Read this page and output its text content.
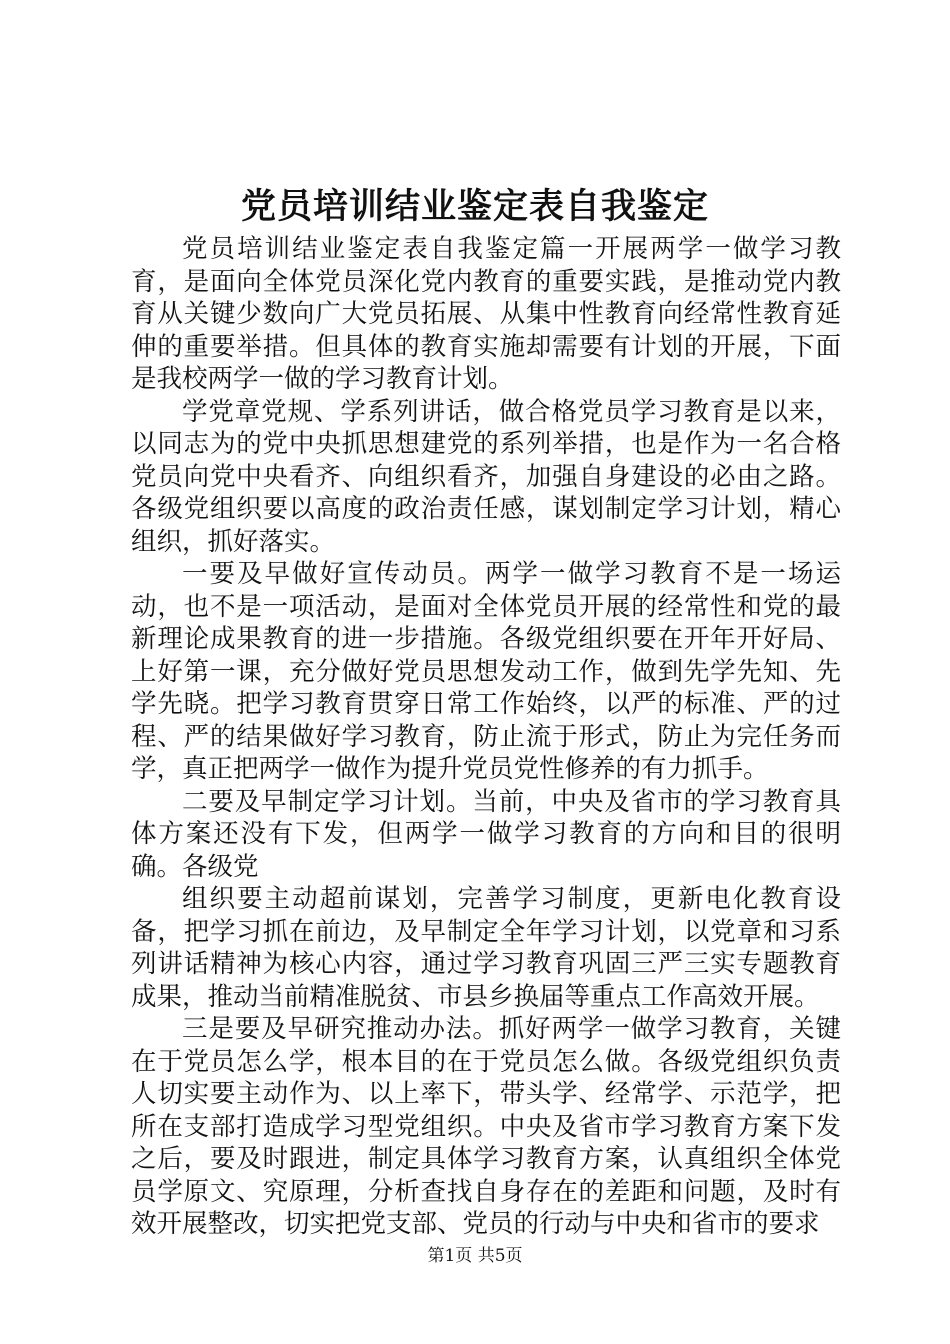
党员培训结业鉴定表自我鉴定

党员培训结业鉴定表自我鉴定篇一开展两学一做学习教育，是面向全体党员深化党内教育的重要实践，是推动党内教育从关键少数向广大党员拓展、从集中性教育向经常性教育延伸的重要举措。但具体的教育实施却需要有计划的开展，下面是我校两学一做的学习教育计划。

学党章党规、学系列讲话，做合格党员学习教育是以来，以同志为的党中央抓思想建党的系列举措，也是作为一名合格党员向党中央看齐、向组织看齐，加强自身建设的必由之路。各级党组织要以高度的政治责任感，谋划制定学习计划，精心组织，抓好落实。

一要及早做好宣传动员。两学一做学习教育不是一场运动，也不是一项活动，是面对全体党员开展的经常性和党的最新理论成果教育的进一步措施。各级党组织要在开年开好局、上好第一课，充分做好党员思想发动工作，做到先学先知、先学先晓。把学习教育贯穿日常工作始终，以严的标准、严的过程、严的结果做好学习教育，防止流于形式，防止为完任务而学，真正把两学一做作为提升党员党性修养的有力抓手。

二要及早制定学习计划。当前，中央及省市的学习教育具体方案还没有下发，但两学一做学习教育的方向和目的很明确。各级党

组织要主动超前谋划，完善学习制度，更新电化教育设备，把学习抓在前边，及早制定全年学习计划，以党章和习系列讲话精神为核心内容，通过学习教育巩固三严三实专题教育成果，推动当前精准脱贫、市县乡换届等重点工作高效开展。

三是要及早研究推动办法。抓好两学一做学习教育，关键在于党员怎么学，根本目的在于党员怎么做。各级党组织负责人切实要主动作为、以上率下，带头学、经常学、示范学，把所在支部打造成学习型党组织。中央及省市学习教育方案下发之后，要及时跟进，制定具体学习教育方案，认真组织全体党员学原文、究原理，分析查找自身存在的差距和问题，及时有效开展整改，切实把党支部、党员的行动与中央和省市的要求

第1页 共5页
